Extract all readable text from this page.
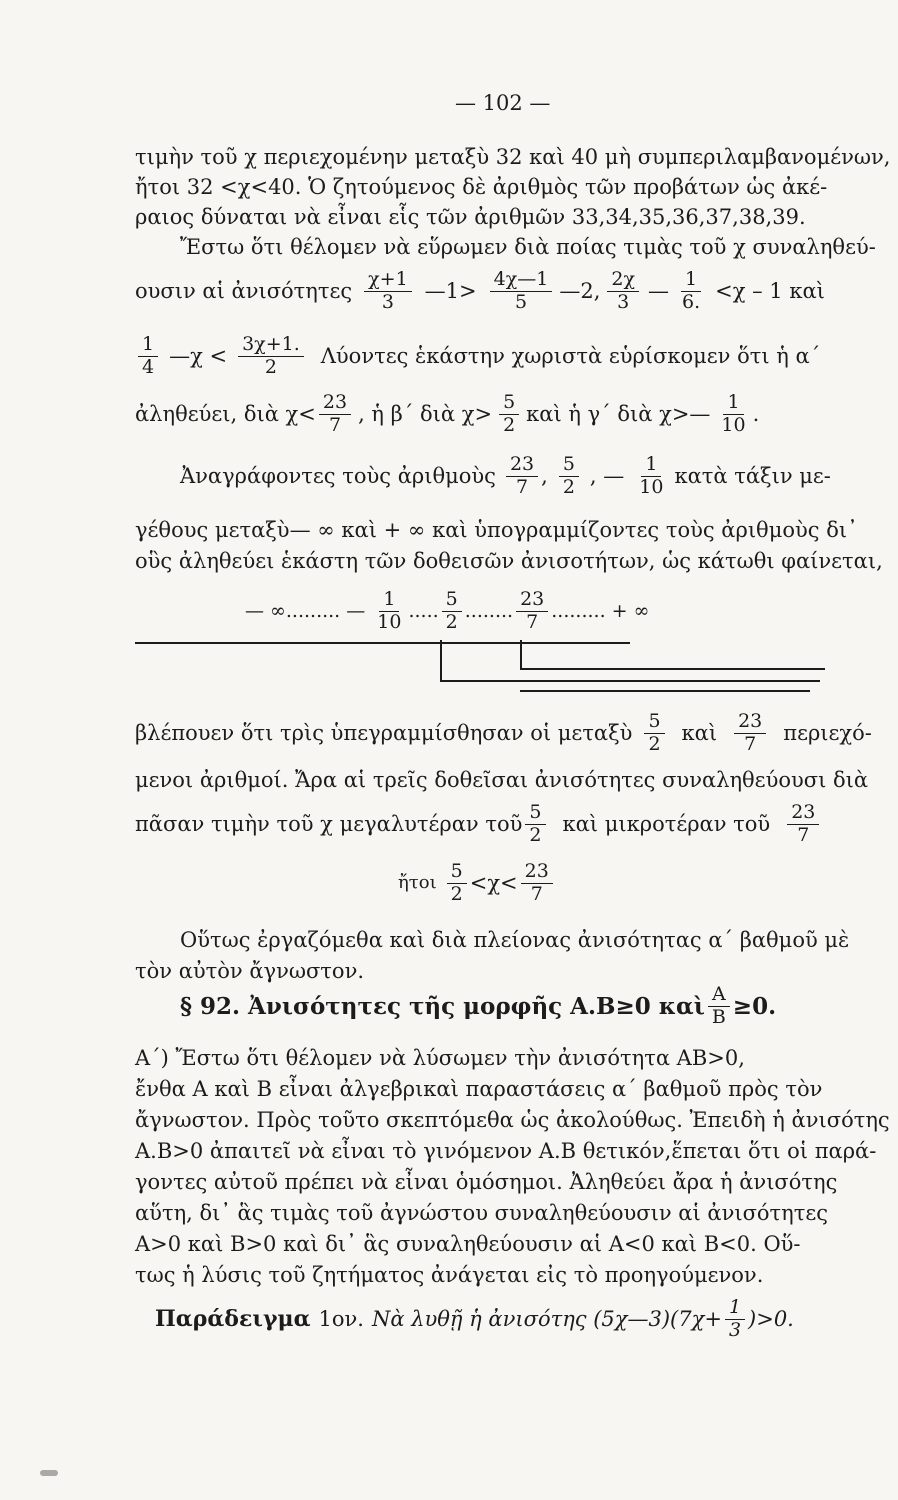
— 102 —
τιμὴν τοῦ χ περιεχομένην μεταξὺ 32 καὶ 40 μὴ συμπεριλαμβανομένων,
ἤτοι 32 <χ<40. Ὁ ζητούμενος δὲ ἀριθμὸς τῶν προβάτων ὡς ἀκέ-
ραιος δύναται νὰ εἶναι εἷς τῶν ἀριθμῶν 33,34,35,36,37,38,39.
Ἔστω ὅτι θέλομεν νὰ εὕρωμεν διὰ ποίας τιμὰς τοῦ χ συναληθεύ-
ουσιν αἱ ἀνισότητες $\frac{\chi+1}{3}$ —1> $\frac{4\chi—1}{5}$ —2, $\frac{2\chi}{3}$ — $\frac{1}{6.} <\chi - 1$ καὶ
$\frac{1}{4}$ —χ < $\frac{3\chi+1.}{2}$ Λύοντες ἑκάστην χωριστὰ εὑρίσκομεν ὅτι ἡ α΄
ἀληθεύει, διὰ $\chi< \frac{23}{7}$ , ἡ β΄ διὰ $\chi> \frac{5}{2}$ καὶ ἡ γ΄ διὰ χ>— $\frac{1}{10}$ .
Ἀναγράφοντες τοὺς ἀριθμοὺς $\frac{23}{7}$ , $\frac{5}{2}$ , — $\frac{1}{10}$ κατὰ τάξιν με-
γέθους μεταξὺ— ∞ καὶ + ∞ καὶ ὑπογραμμίζοντες τοὺς ἀριθμοὺς δι᾽
οὓς ἀληθεύει ἑκάστη τῶν δοθεισῶν ἀνισοτήτων, ὡς κάτωθι φαίνεται,
— ∞......... — $\frac{1}{10}$ ..... $\frac{5}{2}$ ........ $\frac{23}{7}$ ......... + ∞
βλέπουεν ὅτι τρὶς ὑπεγραμμίσθησαν οἱ μεταξὺ $\frac{5}{2}$ καὶ $\frac{23}{7} \pi\varepsilon\rho\iota\varepsilon\chi ό-$
μενοι ἀριθμοί. Ἄρα αἱ τρεῖς δοθεῖσαι ἀνισότητες συναληθεύουσι διὰ
πᾶσαν τιμὴν τοῦ χ μεγαλυτέραν τοῦ $\frac{5}{2}$ καὶ μικροτέραν τοῦ $\frac{23}{7}$
ἤτοι $\frac{5}{2} <\chi< \frac{23}{7}$
Οὕτως ἐργαζόμεθα καὶ διὰ πλείονας ἀνισότητας α΄ βαθμοῦ μὲ
τὸν αὐτὸν ἄγνωστον.
§ 92. Ἀνισότητες τῆς μορφῆς Α.Β≥0 καὶ $\frac{A}{B} \ge 0$.
Α΄) Ἔστω ὅτι θέλομεν νὰ λύσωμεν τὴν ἀνισότητα ΑΒ>0,
ἔνθα Α καὶ Β εἶναι ἀλγεβρικαὶ παραστάσεις α΄ βαθμοῦ πρὸς τὸν
ἄγνωστον. Πρὸς τοῦτο σκεπτόμεθα ὡς ἀκολούθως. Ἐπειδὴ ἡ ἀνισότης
Α.Β>0 ἀπαιτεῖ νὰ εἶναι τὸ γινόμενον Α.Β θετικόν,ἕπεται ὅτι οἱ παρά-
γοντες αὐτοῦ πρέπει νὰ εἶναι ὁμόσημοι. Ἀληθεύει ἄρα ἡ ἀνισότης
αὕτη, δι᾽ ἃς τιμὰς τοῦ ἀγνώστου συναληθεύουσιν αἱ ἀνισότητες
Α>0 καὶ Β>0 καὶ δι᾽ ἃς συναληθεύουσιν αἱ Α<0 καὶ Β<0. Οὕ-
τως ἡ λύσις τοῦ ζητήματος ἀνάγεται εἰς τὸ προηγούμενον.
Παράδειγμα 1ον. Νὰ λυθῇ ἡ ἀνισότης (5χ—3)(7χ+ $\frac{1}{3} )>0$.
